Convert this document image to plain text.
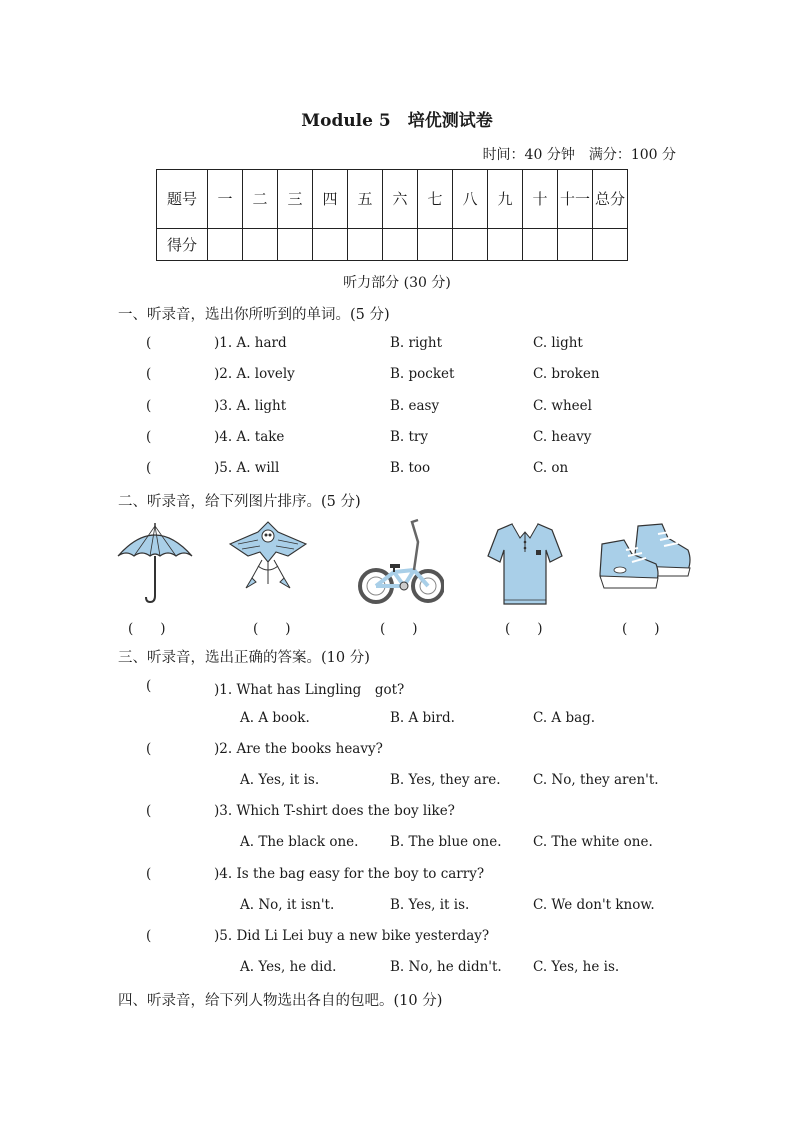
Module 5　培优测试卷
时间：40 分钟　满分：100 分
题号	一	二	三	四	五	六	七	八	九	十	十一	总分
得分												
听力部分 (30 分)
一、听录音，选出你所听到的单词。(5 分)
(	)1. A. hard	B. right	C. light
(	)2. A. lovely	B. pocket	C. broken
(	)3. A. light	B. easy	C. wheel
(	)4. A. take	B. try	C. heavy
(	)5. A. will	B. too	C. on
二、听录音，给下列图片排序。(5 分)
(　　)	(　　)	(　　)	(　　)	(　　)
三、听录音，选出正确的答案。(10 分)
(	)1. What has Lingling　got?
A. A book.	B. A bird.	C. A bag.
(	)2. Are the books heavy?
A. Yes, it is.	B. Yes, they are. C. No, they aren't.
(	)3. Which T-shirt does the boy like?
A. The black one. B. The blue one. C. The white one.
(	)4. Is the bag easy for the boy to carry?
A. No, it isn't.	B. Yes, it is.	C. We don't know.
(	)5. Did Li Lei buy a new bike yesterday?
A. Yes, he did.	B. No, he didn't. C. Yes, he is.
四、听录音，给下列人物选出各自的包吧。(10 分)
